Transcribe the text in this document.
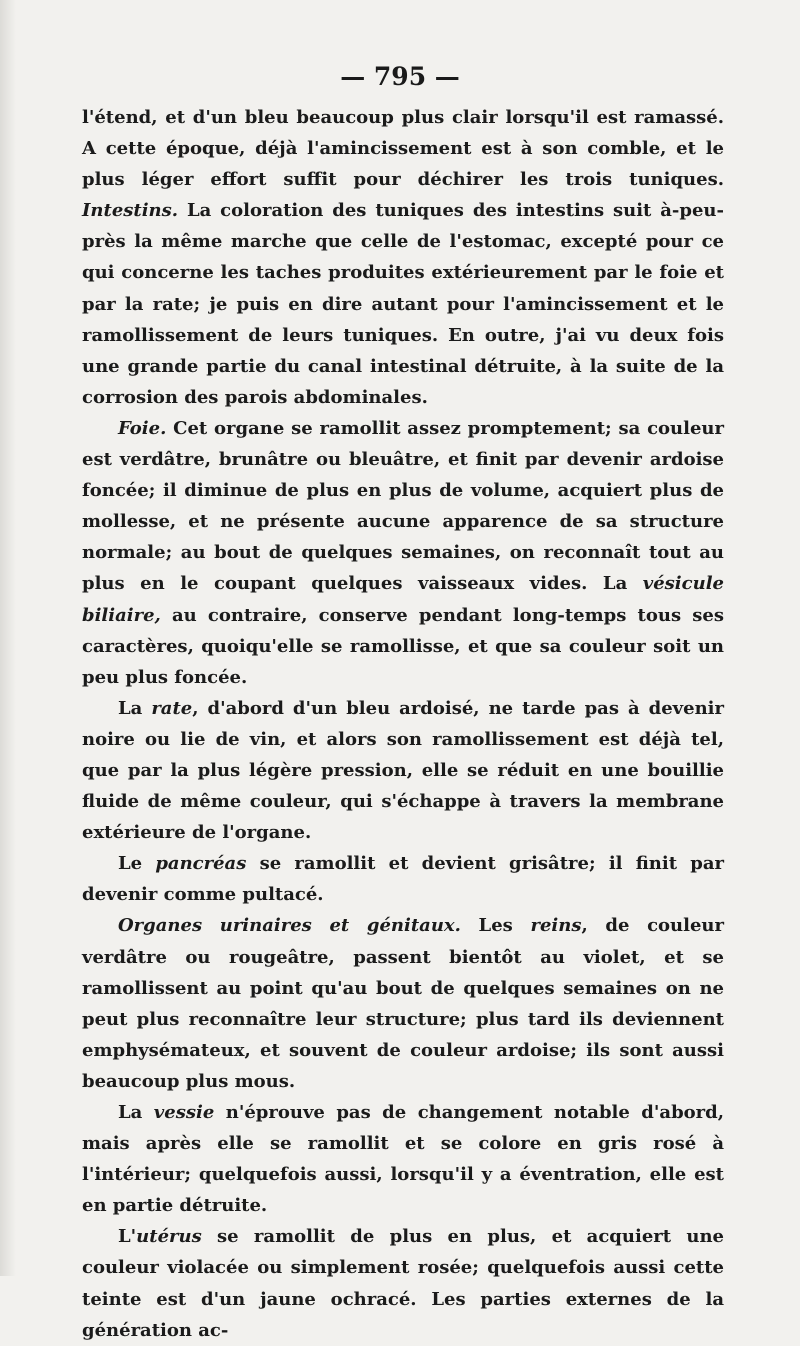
— 795 —

l'étend, et d'un bleu beaucoup plus clair lorsqu'il est ramassé. A cette époque, déjà l'amincissement est à son comble, et le plus léger effort suffit pour déchirer les trois tuniques. Intestins. La coloration des tuniques des intestins suit à-peu-près la même marche que celle de l'estomac, excepté pour ce qui concerne les taches produites extérieurement par le foie et par la rate; je puis en dire autant pour l'amincissement et le ramollissement de leurs tuniques. En outre, j'ai vu deux fois une grande partie du canal intestinal détruite, à la suite de la corrosion des parois abdominales.

Foie. Cet organe se ramollit assez promptement; sa couleur est verdâtre, brunâtre ou bleuâtre, et finit par devenir ardoise foncée; il diminue de plus en plus de volume, acquiert plus de mollesse, et ne présente aucune apparence de sa structure normale; au bout de quelques semaines, on reconnaît tout au plus en le coupant quelques vaisseaux vides. La vésicule biliaire, au contraire, conserve pendant long-temps tous ses caractères, quoiqu'elle se ramollisse, et que sa couleur soit un peu plus foncée.

La rate, d'abord d'un bleu ardoisé, ne tarde pas à devenir noire ou lie de vin, et alors son ramollissement est déjà tel, que par la plus légère pression, elle se réduit en une bouillie fluide de même couleur, qui s'échappe à travers la membrane extérieure de l'organe.

Le pancréas se ramollit et devient grisâtre; il finit par devenir comme pultacé.

Organes urinaires et génitaux. Les reins, de couleur verdâtre ou rougeâtre, passent bientôt au violet, et se ramollissent au point qu'au bout de quelques semaines on ne peut plus reconnaître leur structure; plus tard ils deviennent emphysémateux, et souvent de couleur ardoise; ils sont aussi beaucoup plus mous.

La vessie n'éprouve pas de changement notable d'abord, mais après elle se ramollit et se colore en gris rosé à l'intérieur; quelquefois aussi, lorsqu'il y a éventration, elle est en partie détruite.

L'utérus se ramollit de plus en plus, et acquiert une couleur violacée ou simplement rosée; quelquefois aussi cette teinte est d'un jaune ochracé. Les parties externes de la génération ac-
